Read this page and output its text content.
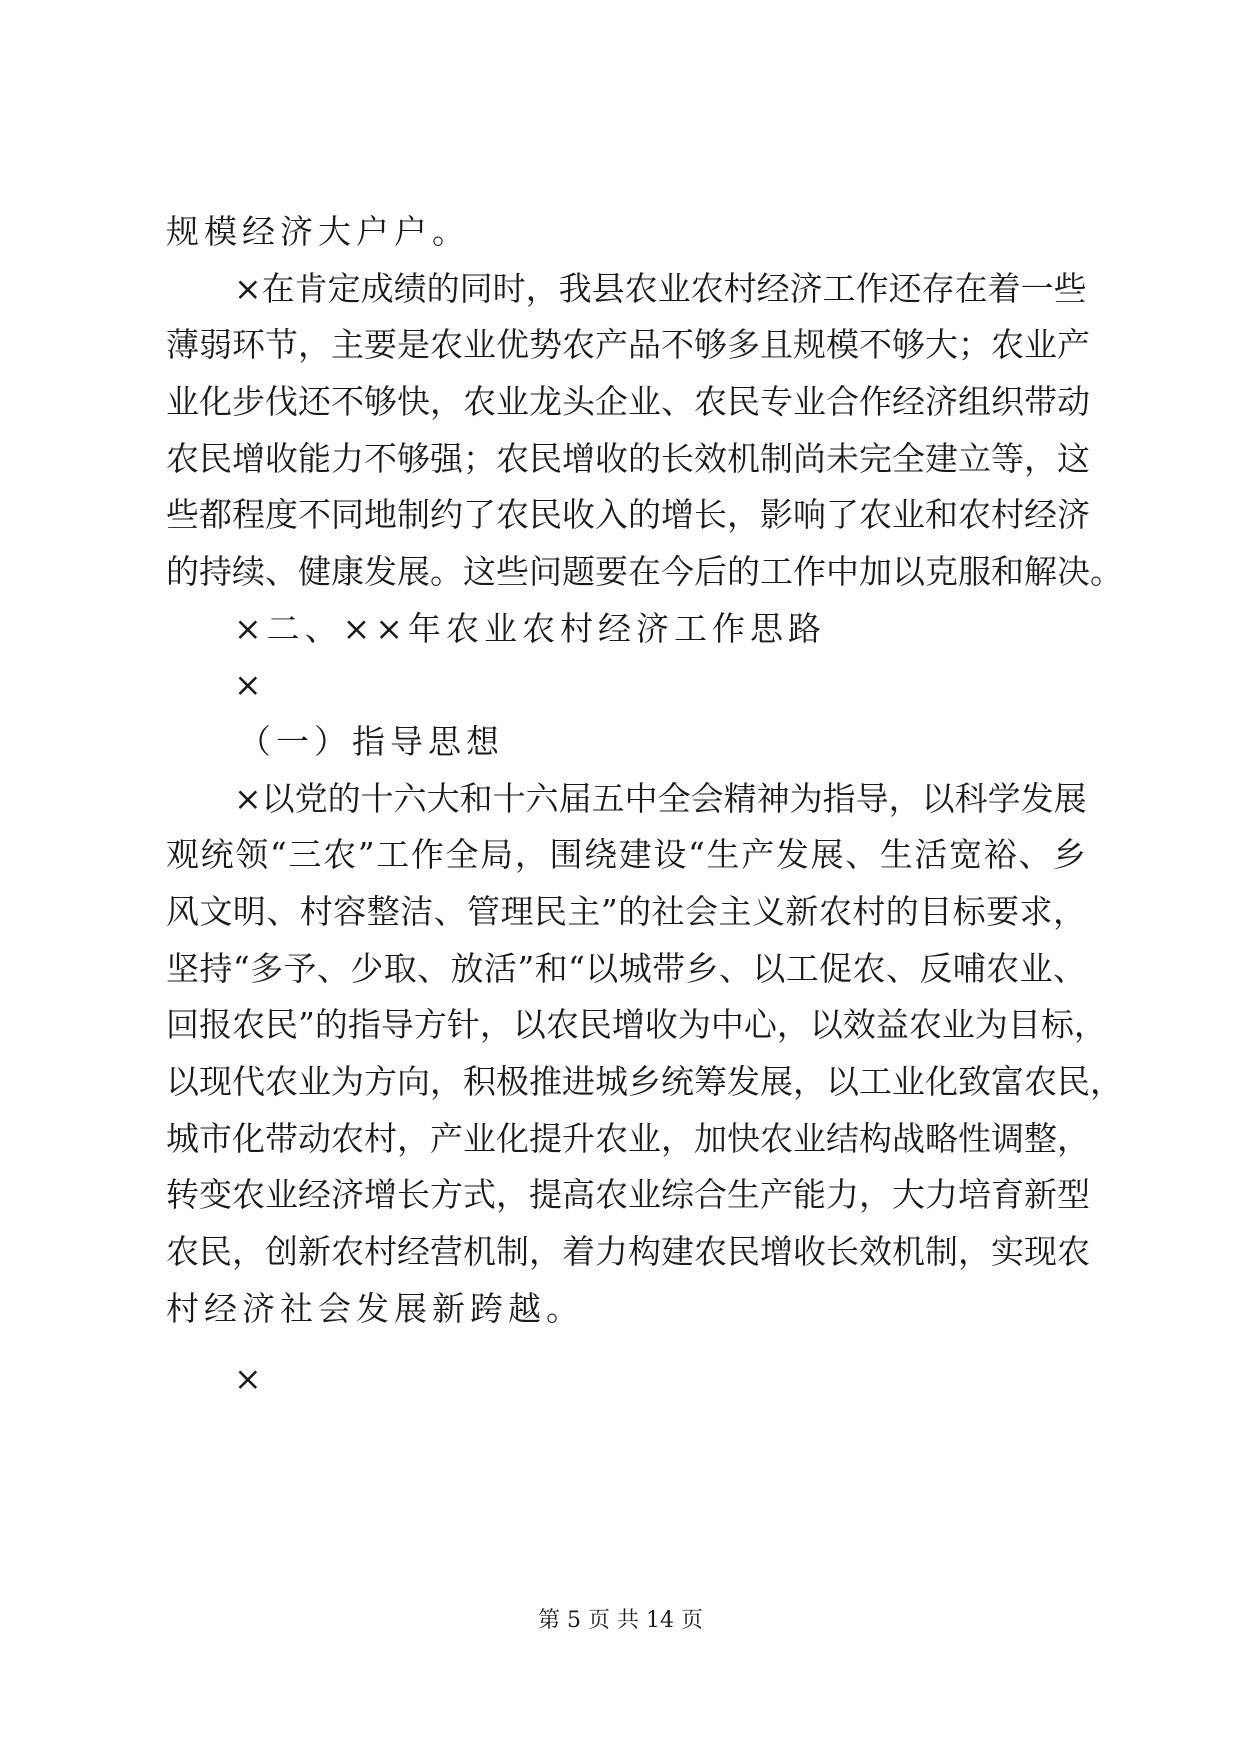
规模经济大户户。
×在肯定成绩的同时，我县农业农村经济工作还存在着一些
薄弱环节，主要是农业优势农产品不够多且规模不够大；农业产
业化步伐还不够快，农业龙头企业、农民专业合作经济组织带动
农民增收能力不够强；农民增收的长效机制尚未完全建立等，这
些都程度不同地制约了农民收入的增长，影响了农业和农村经济
的持续、健康发展。这些问题要在今后的工作中加以克服和解决。
×二、××年农业农村经济工作思路
×
（一）指导思想
×以党的十六大和十六届五中全会精神为指导，以科学发展
观统领“三农”工作全局，围绕建设“生产发展、生活宽裕、乡
风文明、村容整洁、管理民主”的社会主义新农村的目标要求，
坚持“多予、少取、放活”和“以城带乡、以工促农、反哺农业、
回报农民”的指导方针，以农民增收为中心，以效益农业为目标，
以现代农业为方向，积极推进城乡统筹发展，以工业化致富农民，
城市化带动农村，产业化提升农业，加快农业结构战略性调整，
转变农业经济增长方式，提高农业综合生产能力，大力培育新型
农民，创新农村经营机制，着力构建农民增收长效机制，实现农
村经济社会发展新跨越。
×
第 5 页 共 14 页
